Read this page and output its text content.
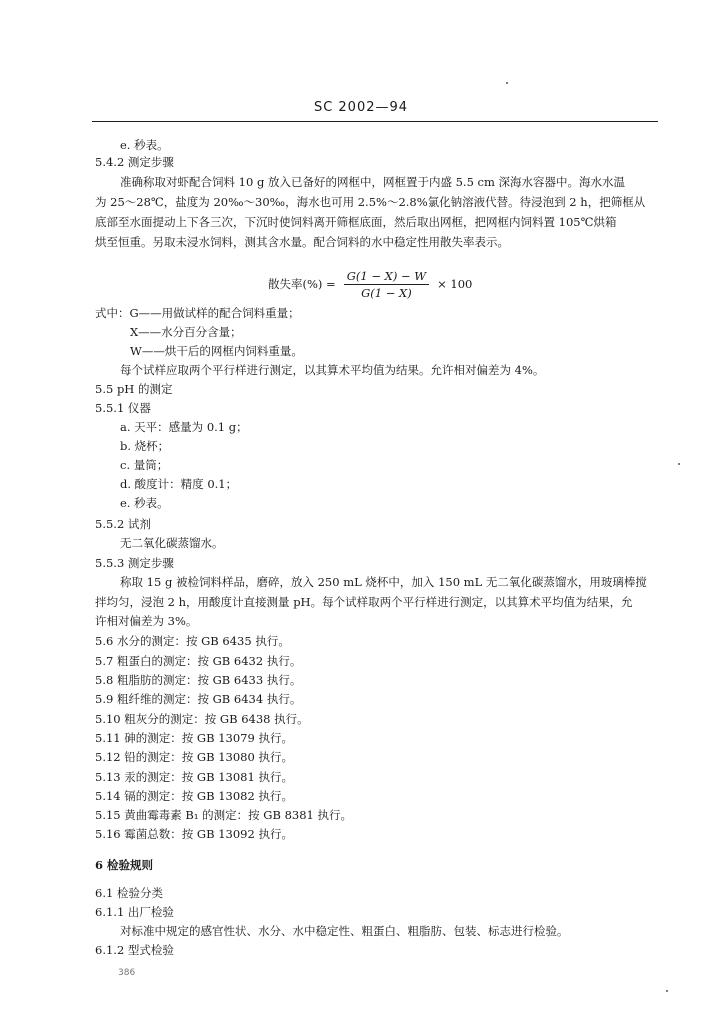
SC 2002—94
e. 秒表。
5.4.2 测定步骤
准确称取对虾配合饲料 10 g 放入已备好的网框中，网框置于内盛 5.5 cm 深海水容器中。海水水温
为 25～28℃，盐度为 20‰～30‰，海水也可用 2.5%～2.8%氯化钠溶液代替。待浸泡到 2 h，把筛框从
底部至水面提动上下各三次，下沉时使饲料离开筛框底面，然后取出网框，把网框内饲料置 105℃烘箱
烘至恒重。另取未浸水饲料，测其含水量。配合饲料的水中稳定性用散失率表示。
散失率(%) = $\frac{G(1 - X) - W}{G(1 - X)} \times 100$
式中：G——用做试样的配合饲料重量；
X——水分百分含量；
W——烘干后的网框内饲料重量。
每个试样应取两个平行样进行测定，以其算术平均值为结果。允许相对偏差为 4%。
5.5 pH 的测定
5.5.1 仪器
a. 天平：感量为 0.1 g；
b. 烧杯；
c. 量筒；
d. 酸度计：精度 0.1；
e. 秒表。
5.5.2 试剂
无二氧化碳蒸馏水。
5.5.3 测定步骤
称取 15 g 被检饲料样品，磨碎，放入 250 mL 烧杯中，加入 150 mL 无二氧化碳蒸馏水，用玻璃棒搅
拌均匀，浸泡 2 h，用酸度计直接测量 pH。每个试样取两个平行样进行测定，以其算术平均值为结果，允
许相对偏差为 3%。
5.6 水分的测定：按 GB 6435 执行。
5.7 粗蛋白的测定：按 GB 6432 执行。
5.8 粗脂肪的测定：按 GB 6433 执行。
5.9 粗纤维的测定：按 GB 6434 执行。
5.10 粗灰分的测定：按 GB 6438 执行。
5.11 砷的测定：按 GB 13079 执行。
5.12 铅的测定：按 GB 13080 执行。
5.13 汞的测定：按 GB 13081 执行。
5.14 镉的测定：按 GB 13082 执行。
5.15 黄曲霉毒素 B₁ 的测定：按 GB 8381 执行。
5.16 霉菌总数：按 GB 13092 执行。
6 检验规则
6.1 检验分类
6.1.1 出厂检验
对标准中规定的感官性状、水分、水中稳定性、粗蛋白、粗脂肪、包装、标志进行检验。
6.1.2 型式检验
386
